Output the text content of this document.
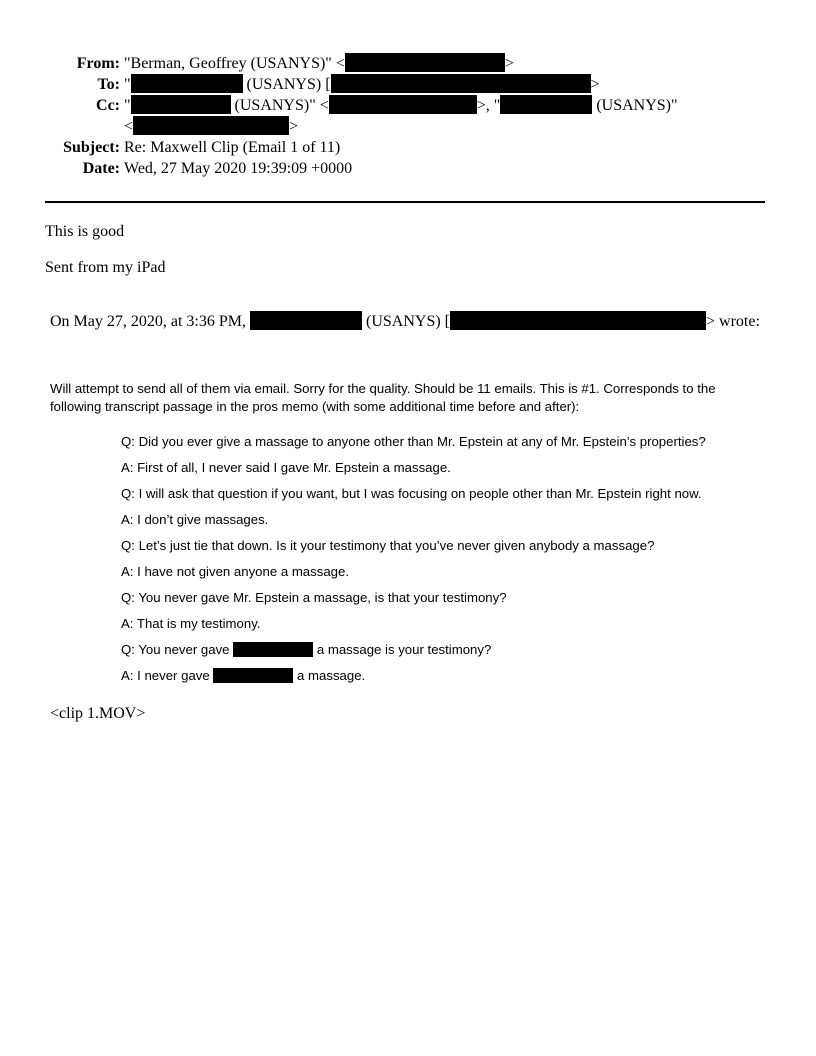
From: "Berman, Geoffrey (USANYS)" <	>
To: "	(USANYS) [	>
Cc: "	(USANYS)" <	>, "	(USANYS)"
<	>
Subject: Re: Maxwell Clip (Email 1 of 11)
Date: Wed, 27 May 2020 19:39:09 +0000
This is good
Sent from my iPad
On May 27, 2020, at 3:36 PM,	(USANYS) [	> wrote:
Will attempt to send all of them via email. Sorry for the quality. Should be 11 emails. This is #1. Corresponds to the following transcript passage in the pros memo (with some additional time before and after):
Q: Did you ever give a massage to anyone other than Mr. Epstein at any of Mr. Epstein’s properties?
A: First of all, I never said I gave Mr. Epstein a massage.
Q: I will ask that question if you want, but I was focusing on people other than Mr. Epstein right now.
A: I don’t give massages.
Q: Let’s just tie that down. Is it your testimony that you’ve never given anybody a massage?
A: I have not given anyone a massage.
Q: You never gave Mr. Epstein a massage, is that your testimony?
A: That is my testimony.
Q: You never gave	a massage is your testimony?
A: I never gave	a massage.
<clip 1.MOV>
